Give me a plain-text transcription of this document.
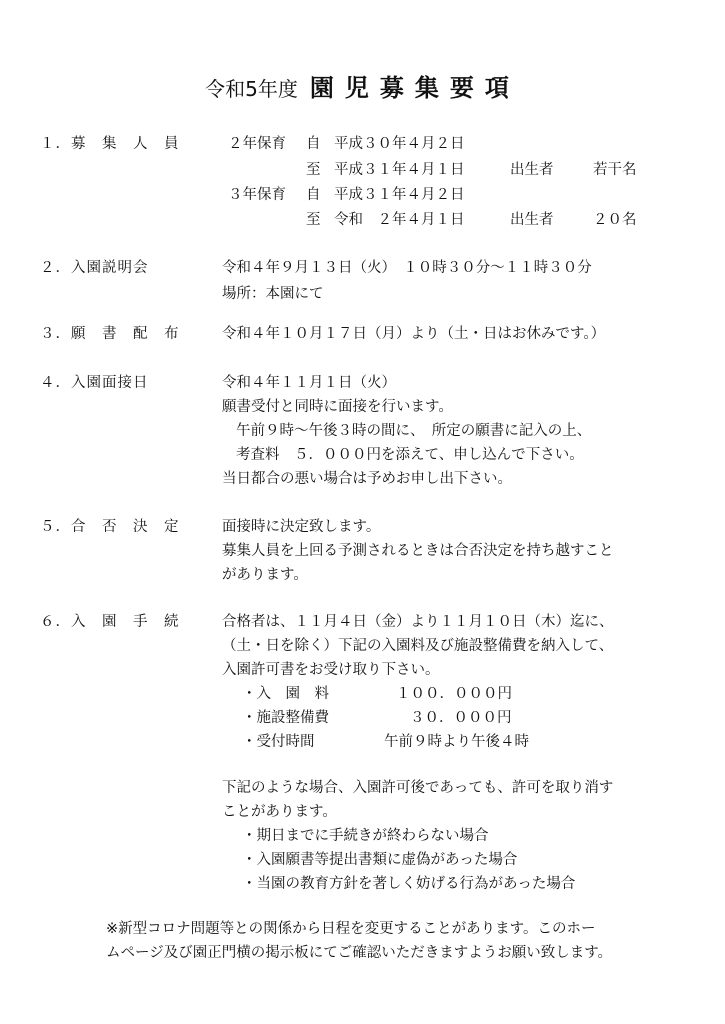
令和5年度 園児募集要項
１．募　集　人　員	２年保育 自 平成３０年４月２日
至 平成３１年４月１日	出生者	若干名
３年保育 自 平成３１年４月２日
至 令和　２年４月１日	出生者	２０名
２．入園説明会	令和４年９月１３日（火）　１０時３０分～１１時３０分
場所：本園にて
３．願　書　配　布	令和４年１０月１７日（月）より（土・日はお休みです。）
４．入園面接日	令和４年１１月１日（火）
願書受付と同時に面接を行います。
午前９時～午後３時の間に、　所定の願書に記入の上、
考査料　５．０００円を添えて、申し込んで下さい。
当日都合の悪い場合は予めお申し出下さい。
５．合　否　決　定	面接時に決定致します。
募集人員を上回る予測されるときは合否決定を持ち越すこと
があります。
６．入　園　手　続	合格者は、１１月４日（金）より１１月１０日（木）迄に、
（土・日を除く）下記の入園料及び施設整備費を納入して、
入園許可書をお受け取り下さい。
・入　園　料	１００．０００円
・施設整備費	３０．０００円
・受付時間	午前９時より午後４時
下記のような場合、入園許可後であっても、許可を取り消す
ことがあります。
・期日までに手続きが終わらない場合
・入園願書等提出書類に虚偽があった場合
・当園の教育方針を著しく妨げる行為があった場合
※新型コロナ問題等との関係から日程を変更することがあります。このホー
ムページ及び園正門横の掲示板にてご確認いただきますようお願い致します。
